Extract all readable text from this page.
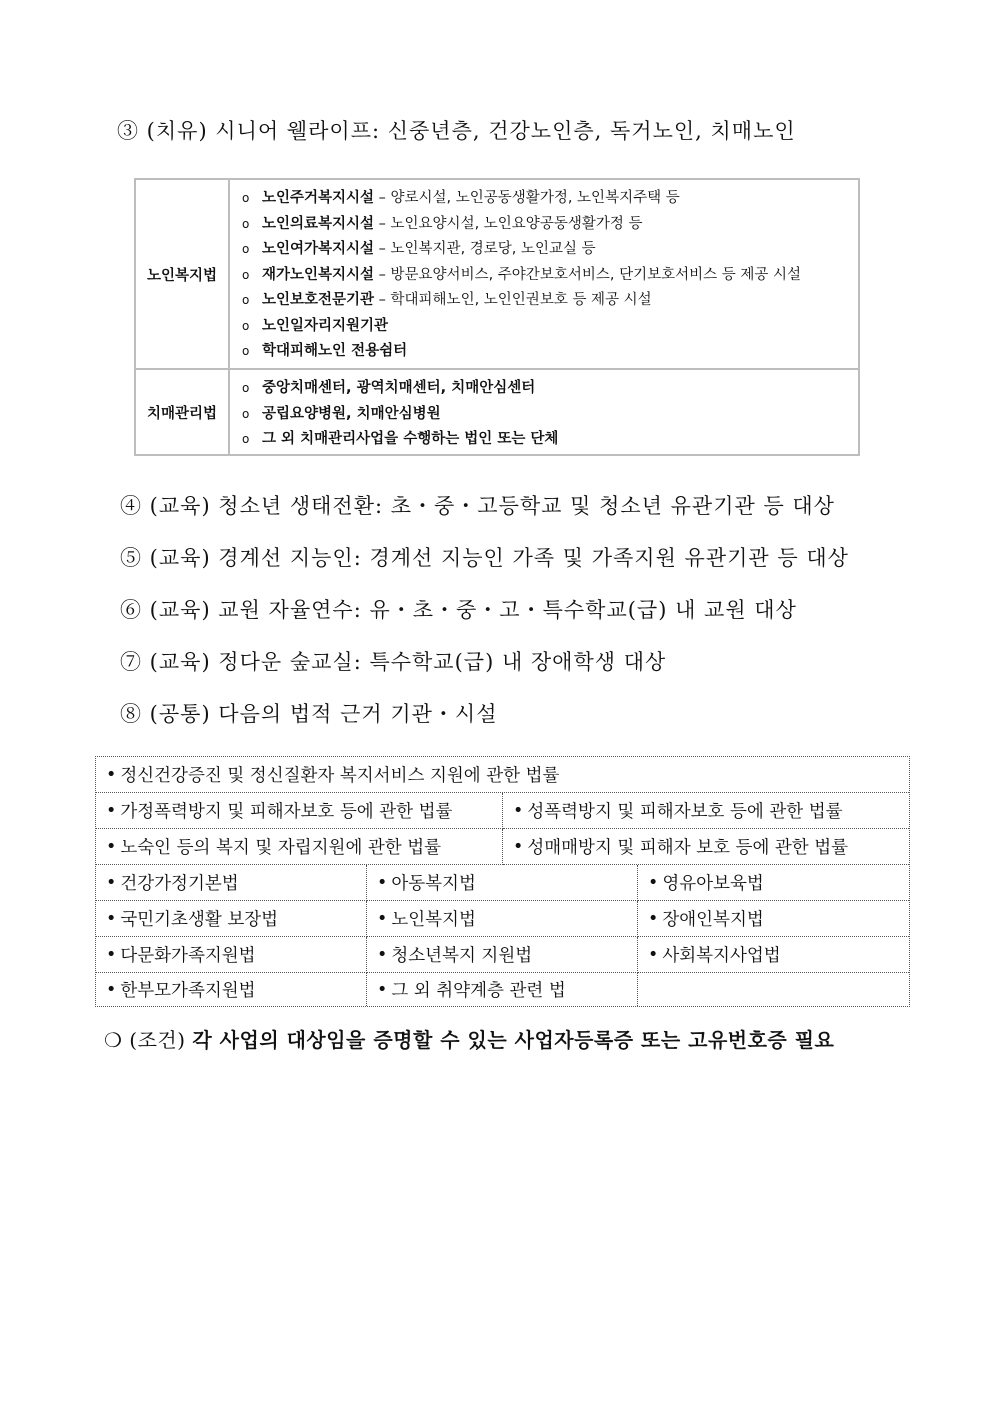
③ (치유) 시니어 웰라이프: 신중년층, 건강노인층, 독거노인, 치매노인
노인복지법
o 노인주거복지시설 – 양로시설, 노인공동생활가정, 노인복지주택 등
o 노인의료복지시설 – 노인요양시설, 노인요양공동생활가정 등
o 노인여가복지시설 – 노인복지관, 경로당, 노인교실 등
o 재가노인복지시설 – 방문요양서비스, 주야간보호서비스, 단기보호서비스 등 제공 시설
o 노인보호전문기관 – 학대피해노인, 노인인권보호 등 제공 시설
o 노인일자리지원기관
o 학대피해노인 전용쉼터
치매관리법
o 중앙치매센터, 광역치매센터, 치매안심센터
o 공립요양병원, 치매안심병원
o 그 외 치매관리사업을 수행하는 법인 또는 단체
④ (교육) 청소년 생태전환: 초・중・고등학교 및 청소년 유관기관 등 대상
⑤ (교육) 경계선 지능인: 경계선 지능인 가족 및 가족지원 유관기관 등 대상
⑥ (교육) 교원 자율연수: 유・초・중・고・특수학교(급) 내 교원 대상
⑦ (교육) 정다운 숲교실: 특수학교(급) 내 장애학생 대상
⑧ (공통) 다음의 법적 근거 기관・시설
• 정신건강증진 및 정신질환자 복지서비스 지원에 관한 법률
• 가정폭력방지 및 피해자보호 등에 관한 법률	• 성폭력방지 및 피해자보호 등에 관한 법률
• 노숙인 등의 복지 및 자립지원에 관한 법률	• 성매매방지 및 피해자 보호 등에 관한 법률
• 건강가정기본법	• 아동복지법	• 영유아보육법
• 국민기초생활 보장법	• 노인복지법	• 장애인복지법
• 다문화가족지원법	• 청소년복지 지원법	• 사회복지사업법
• 한부모가족지원법	• 그 외 취약계층 관련 법
❍ (조건) 각 사업의 대상임을 증명할 수 있는 사업자등록증 또는 고유번호증 필요
